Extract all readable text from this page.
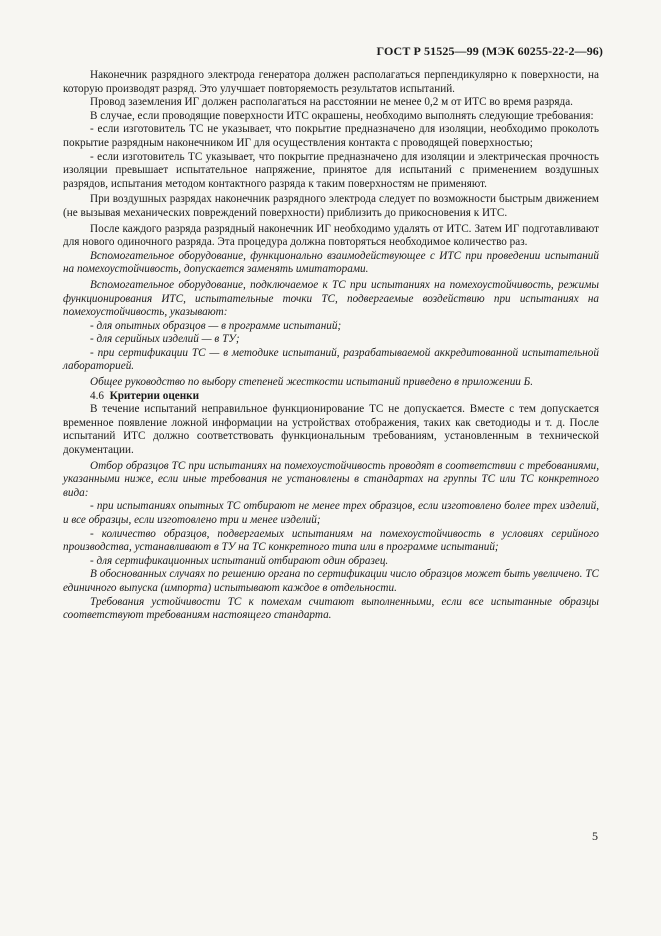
ГОСТ Р 51525—99 (МЭК 60255-22-2—96)

Наконечник разрядного электрода генератора должен располагаться перпендикулярно к поверхности, на которую производят разряд. Это улучшает повторяемость результатов испытаний.

Провод заземления ИГ должен располагаться на расстоянии не менее 0,2 м от ИТС во время разряда.

В случае, если проводящие поверхности ИТС окрашены, необходимо выполнять следующие требования:

- если изготовитель ТС не указывает, что покрытие предназначено для изоляции, необходимо проколоть покрытие разрядным наконечником ИГ для осуществления контакта с проводящей поверхностью;

- если изготовитель ТС указывает, что покрытие предназначено для изоляции и электрическая прочность изоляции превышает испытательное напряжение, принятое для испытаний с применением воздушных разрядов, испытания методом контактного разряда к таким поверхностям не применяют.

При воздушных разрядах наконечник разрядного электрода следует по возможности быстрым движением (не вызывая механических повреждений поверхности) приблизить до прикосновения к ИТС.

После каждого разряда разрядный наконечник ИГ необходимо удалять от ИТС. Затем ИГ подготавливают для нового одиночного разряда. Эта процедура должна повторяться необходимое количество раз.

Вспомогательное оборудование, функционально взаимодействующее с ИТС при проведении испытаний на помехоустойчивость, допускается заменять имитаторами.

Вспомогательное оборудование, подключаемое к ТС при испытаниях на помехоустойчивость, режимы функционирования ИТС, испытательные точки ТС, подвергаемые воздействию при испытаниях на помехоустойчивость, указывают:

- для опытных образцов — в программе испытаний;

- для серийных изделий — в ТУ;

- при сертификации ТС — в методике испытаний, разрабатываемой аккредитованной испытательной лабораторией.

Общее руководство по выбору степеней жесткости испытаний приведено в приложении Б.

4.6 Критерии оценки

В течение испытаний неправильное функционирование ТС не допускается. Вместе с тем допускается временное появление ложной информации на устройствах отображения, таких как светодиоды и т. д. После испытаний ИТС должно соответствовать функциональным требованиям, установленным в технической документации.

Отбор образцов ТС при испытаниях на помехоустойчивость проводят в соответствии с требованиями, указанными ниже, если иные требования не установлены в стандартах на группы ТС или ТС конкретного вида:

- при испытаниях опытных ТС отбирают не менее трех образцов, если изготовлено более трех изделий, и все образцы, если изготовлено три и менее изделий;

- количество образцов, подвергаемых испытаниям на помехоустойчивость в условиях серийного производства, устанавливают в ТУ на ТС конкретного типа или в программе испытаний;

- для сертификационных испытаний отбирают один образец.

В обоснованных случаях по решению органа по сертификации число образцов может быть увеличено. ТС единичного выпуска (импорта) испытывают каждое в отдельности.

Требования устойчивости ТС к помехам считают выполненными, если все испытанные образцы соответствуют требованиям настоящего стандарта.

5
